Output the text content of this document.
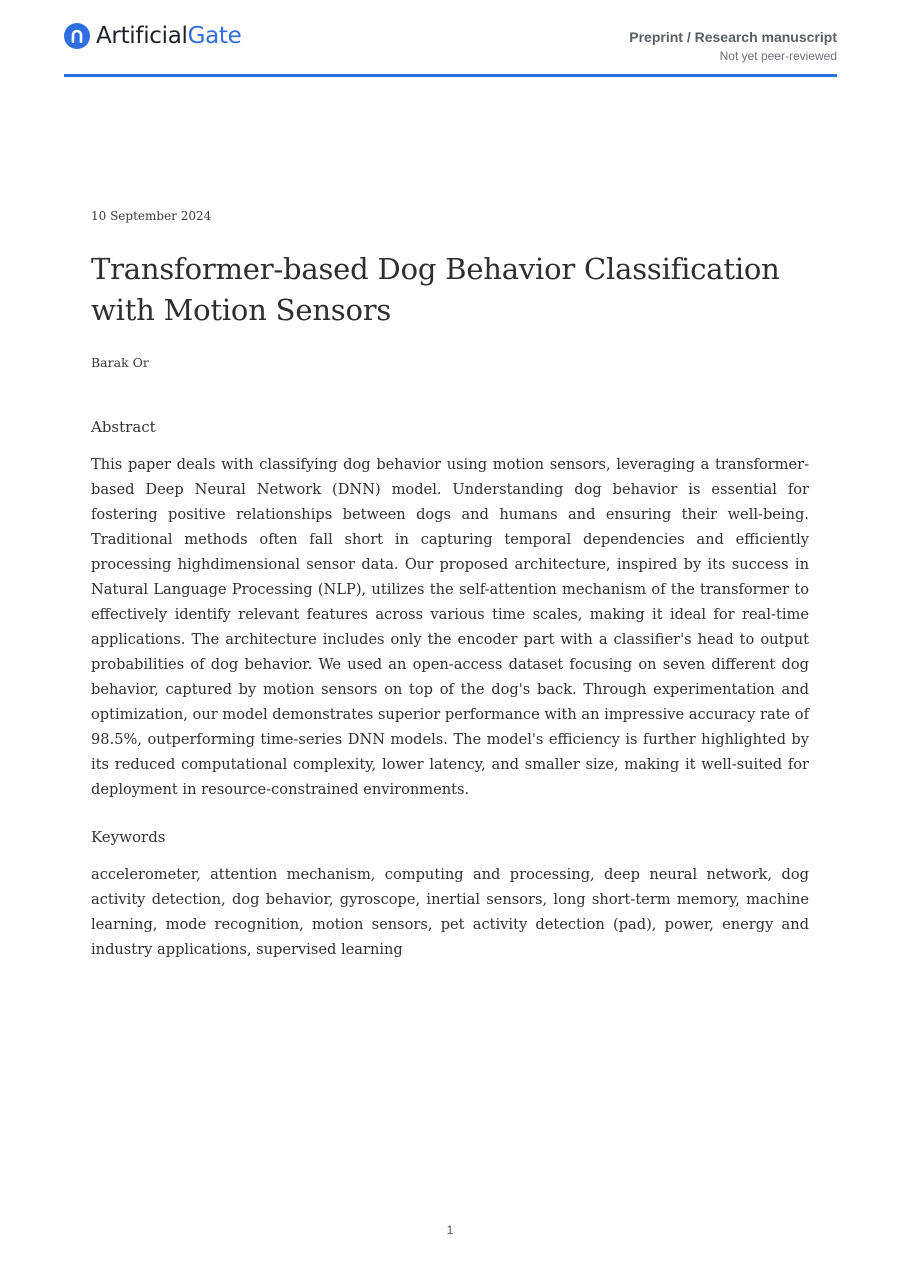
ArtificialGate	Preprint / Research manuscript
Not yet peer-reviewed
10 September 2024
Transformer-based Dog Behavior Classification with Motion Sensors
Barak Or
Abstract

This paper deals with classifying dog behavior using motion sensors, leveraging a transformer-based Deep Neural Network (DNN) model. Understanding dog behavior is essential for fostering positive relationships between dogs and humans and ensuring their well-being. Traditional methods often fall short in capturing temporal dependencies and efficiently processing highdimensional sensor data. Our proposed architecture, inspired by its success in Natural Language Processing (NLP), utilizes the self-attention mechanism of the transformer to effectively identify relevant features across various time scales, making it ideal for real-time applications. The architecture includes only the encoder part with a classifier's head to output probabilities of dog behavior. We used an open-access dataset focusing on seven different dog behavior, captured by motion sensors on top of the dog's back. Through experimentation and optimization, our model demonstrates superior performance with an impressive accuracy rate of 98.5%, outperforming time-series DNN models. The model's efficiency is further highlighted by its reduced computational complexity, lower latency, and smaller size, making it well-suited for deployment in resource-constrained environments.

Keywords

accelerometer, attention mechanism, computing and processing, deep neural network, dog activity detection, dog behavior, gyroscope, inertial sensors, long short-term memory, machine learning, mode recognition, motion sensors, pet activity detection (pad), power, energy and industry applications, supervised learning

1
